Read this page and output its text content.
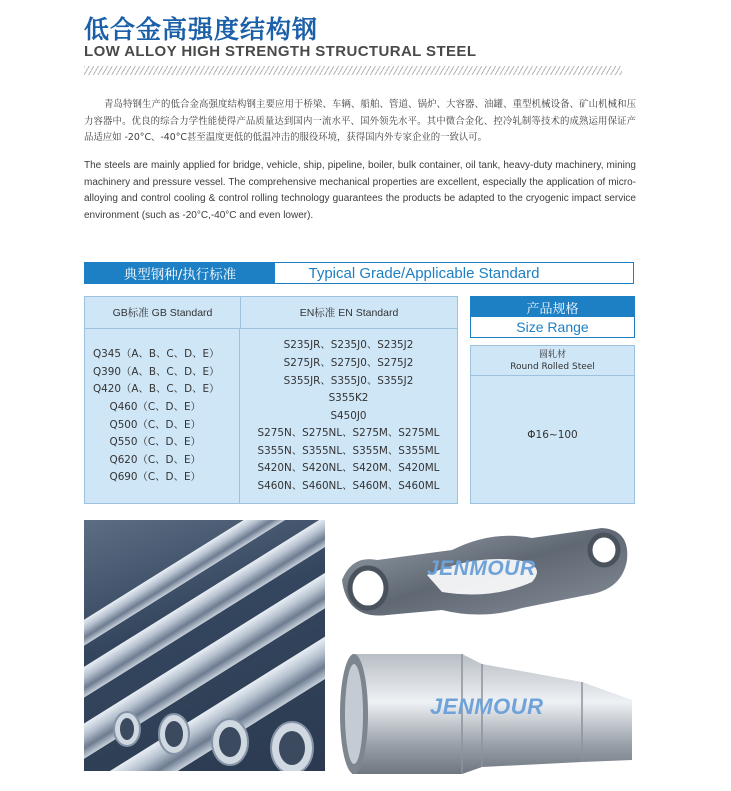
低合金高强度结构钢
LOW ALLOY HIGH STRENGTH STRUCTURAL STEEL

青岛特钢生产的低合金高强度结构钢主要应用于桥梁、车辆、船舶、管道、锅炉、大容器、油罐、重型机械设备、矿山机械和压力容器中。优良的综合力学性能使得产品质量达到国内一流水平、国外领先水平。其中微合金化、控冷轧制等技术的成熟运用保证产品适应如 -20°C、-40°C甚至温度更低的低温冲击的服役环境，获得国内外专家企业的一致认可。

The steels are mainly applied for bridge, vehicle, ship, pipeline, boiler, bulk container, oil tank, heavy-duty machinery, mining machinery and pressure vessel. The comprehensive mechanical properties are excellent, especially the application of micro-alloying and control cooling & control rolling technology guarantees the products be adapted to the cryogenic impact service environment (such as -20°C,-40°C and even lower).

典型钢种/执行标准	Typical Grade/Applicable Standard
GB标准 GB Standard	EN标准 EN Standard
Q345（A、B、C、D、E）
Q390（A、B、C、D、E）
Q420（A、B、C、D、E）
Q460（C、D、E）
Q500（C、D、E）
Q550（C、D、E）
Q620（C、D、E）
Q690（C、D、E）
S235JR、S235J0、S235J2
S275JR、S275J0、S275J2
S355JR、S355J0、S355J2
S355K2
S450J0
S275N、S275NL、S275M、S275ML
S355N、S355NL、S355M、S355ML
S420N、S420NL、S420M、S420ML
S460N、S460NL、S460M、S460ML
产品规格
Size Range
圆轧材
Round Rolled Steel
Φ16~100
JENMOUR
JENMOUR
